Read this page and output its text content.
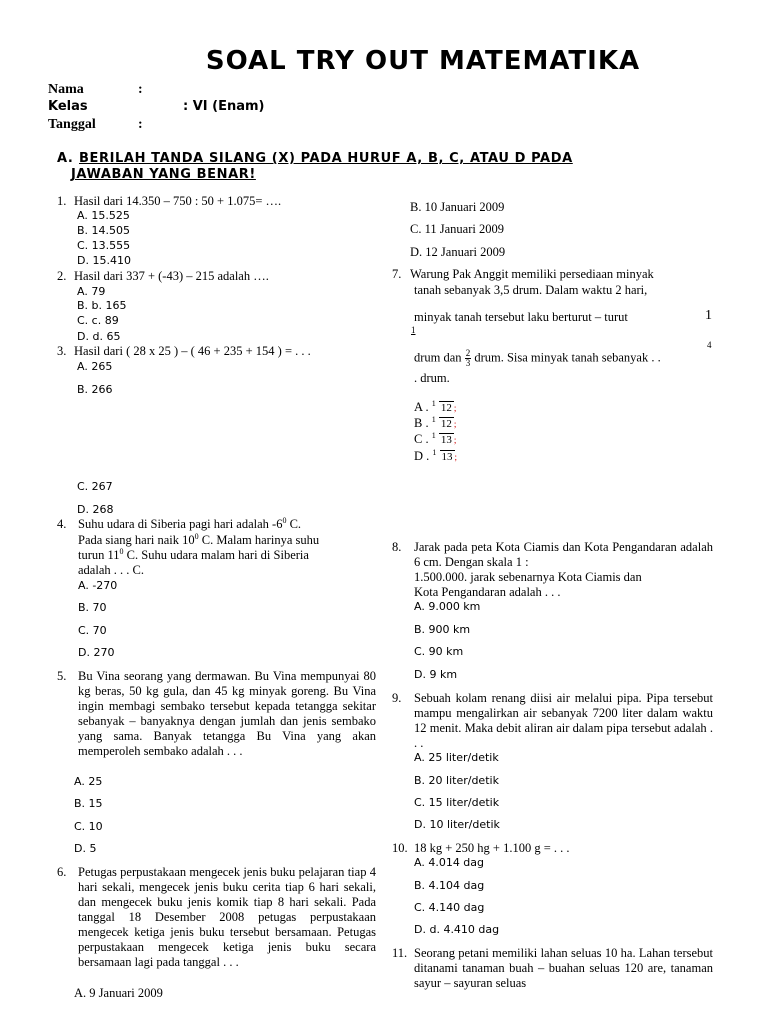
SOAL TRY OUT MATEMATIKA
Nama	:
Kelas	: VI (Enam)
Tanggal	:
A. BERILAH TANDA SILANG (X) PADA HURUF A, B, C, ATAU D PADA
JAWABAN YANG BENAR!
1. Hasil dari 14.350 – 750 : 50 + 1.075= ….
A. 15.525
B. 14.505
C. 13.555
D. 15.410
2. Hasil dari 337 + (-43) – 215 adalah ….
A. 79
B. b. 165
C. c. 89
D. d. 65
3. Hasil dari ( 28 x 25 ) – ( 46 + 235 + 154 ) = . . .
A. 265
B. 266
C. 267
D. 268
4. Suhu udara di Siberia pagi hari adalah $-6^0$ C.
Pada siang hari naik $10^0$ C. Malam harinya suhu
turun $11^0$ C. Suhu udara malam hari di Siberia
adalah . . . C.
A. -270
B. 70
C. 70
D. 270
5. Bu Vina seorang yang dermawan. Bu Vina mempunyai 80 kg beras, 50 kg gula, dan 45 kg minyak goreng. Bu Vina ingin membagi sembako tersebut kepada tetangga sekitar sebanyak – banyaknya dengan jumlah dan jenis sembako yang sama. Banyak tetangga Bu Vina yang akan memperoleh sembako adalah . . .
A. 25
B. 15
C. 10
D. 5
6. Petugas perpustakaan mengecek jenis buku pelajaran tiap 4 hari sekali, mengecek jenis buku cerita tiap 6 hari sekali, dan mengecek buku jenis komik tiap 8 hari sekali. Pada tanggal 18 Desember 2008 petugas perpustakaan mengecek ketiga jenis buku tersebut bersamaan. Petugas perpustakaan mengecek ketiga jenis buku secara bersamaan lagi pada tanggal . . .
A. 9 Januari 2009
B. 10 Januari 2009
C. 11 Januari 2009
D. 12 Januari 2009
7. Warung Pak Anggit memiliki persediaan minyak
tanah sebanyak 3,5 drum. Dalam waktu 2 hari,
minyak tanah tersebut laku berturut – turut	1
1
4
drum dan $\frac{2}{3}$ drum. Sisa minyak tanah sebanyak . .
. drum.
A . $^1$ 12 ;
B . $^1$ 12 ;
C . $^1$ 13 ;
D . $^1$ 13 ;
8. Jarak pada peta Kota Ciamis dan Kota Pengandaran adalah 6 cm. Dengan skala 1 :
1.500.000. jarak sebenarnya Kota Ciamis dan
Kota Pengandaran adalah . . .
A. 9.000 km
B. 900 km
C. 90 km
D. 9 km
9. Sebuah kolam renang diisi air melalui pipa. Pipa tersebut mampu mengalirkan air sebanyak 7200 liter dalam waktu 12 menit. Maka debit aliran air dalam pipa tersebut adalah . . .
A. 25 liter/detik
B. 20 liter/detik
C. 15 liter/detik
D. 10 liter/detik
10. 18 kg + 250 hg + 1.100 g = . . .
A. 4.014 dag
B. 4.104 dag
C. 4.140 dag
D. d. 4.410 dag
11. Seorang petani memiliki lahan seluas 10 ha. Lahan tersebut ditanami tanaman buah – buahan seluas 120 are, tanaman sayur – sayuran seluas
